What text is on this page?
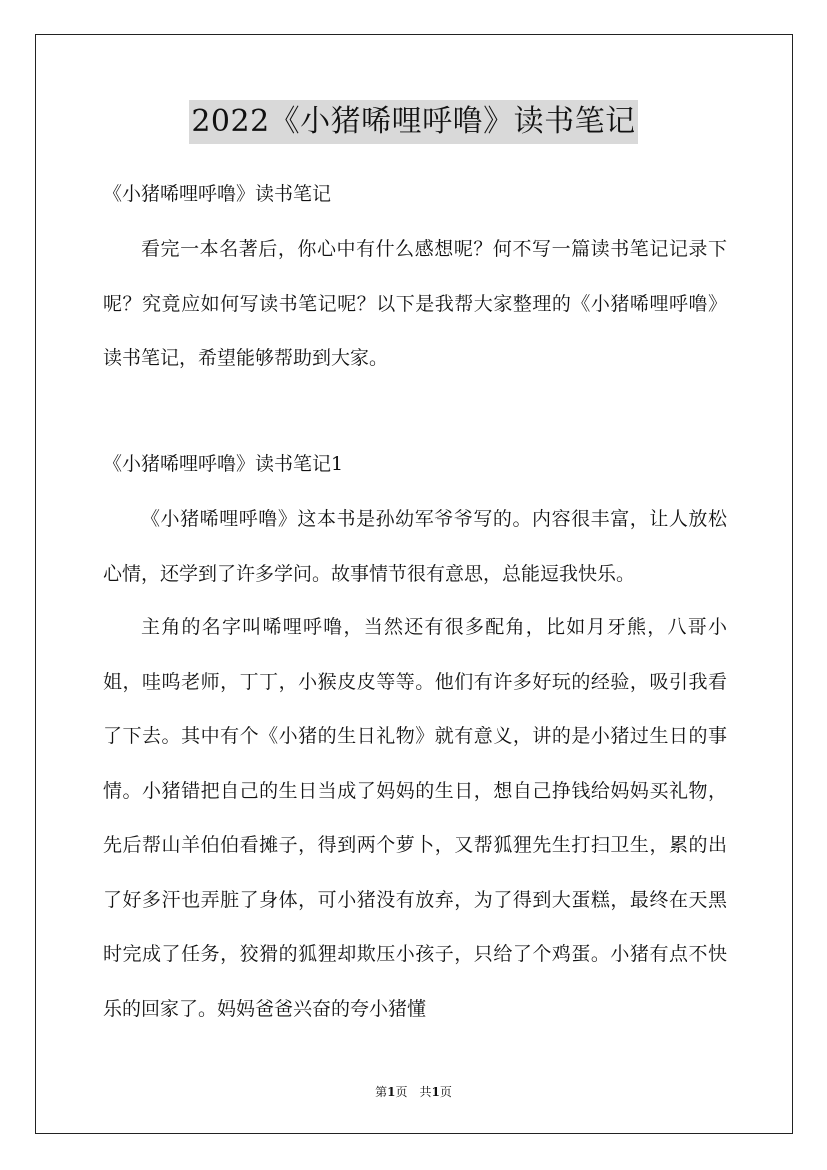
2022《小猪唏哩呼噜》读书笔记
《小猪唏哩呼噜》读书笔记

看完一本名著后，你心中有什么感想呢？何不写一篇读书笔记记录下呢？究竟应如何写读书笔记呢？以下是我帮大家整理的《小猪唏哩呼噜》读书笔记，希望能够帮助到大家。

《小猪唏哩呼噜》读书笔记1

《小猪唏哩呼噜》这本书是孙幼军爷爷写的。内容很丰富，让人放松心情，还学到了许多学问。故事情节很有意思，总能逗我快乐。

主角的名字叫唏哩呼噜，当然还有很多配角，比如月牙熊，八哥小姐，哇呜老师，丁丁，小猴皮皮等等。他们有许多好玩的经验，吸引我看了下去。其中有个《小猪的生日礼物》就有意义，讲的是小猪过生日的事情。小猪错把自己的生日当成了妈妈的生日，想自己挣钱给妈妈买礼物，先后帮山羊伯伯看摊子，得到两个萝卜，又帮狐狸先生打扫卫生，累的出了好多汗也弄脏了身体，可小猪没有放弃，为了得到大蛋糕，最终在天黑时完成了任务，狡猾的狐狸却欺压小孩子，只给了个鸡蛋。小猪有点不快乐的回家了。妈妈爸爸兴奋的夸小猪懂

第1页　共1页
